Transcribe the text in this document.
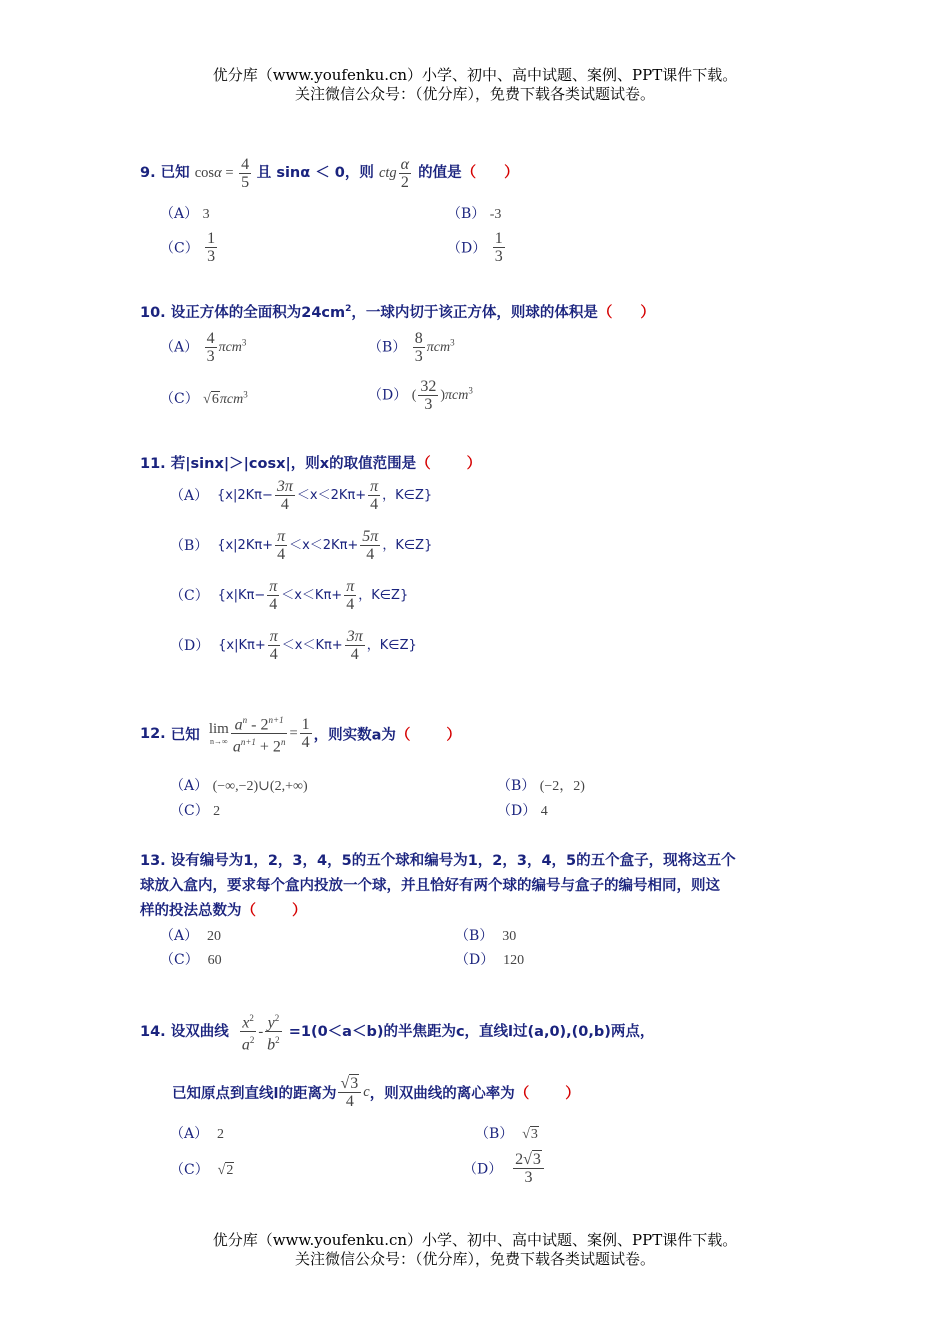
优分库（www.youfenku.cn）小学、初中、高中试题、案例、PPT课件下载。
关注微信公众号：（优分库），免费下载各类试题试卷。
9. 已知 $\cos\alpha = \frac{4}{5}$ 且 sinα ＜ 0，则 ctg $\frac{\alpha}{2}$ 的值是（ ）
（A） 3	（B） -3
$(C) \frac{1}{3}$	$(D) \frac{1}{3}$
10. 设正方体的全面积为$24cm^2$，一球内切于该正方体，则球的体积是（ ）
$(A) \frac{4}{3} \pi cm^3$	$(B) \frac{8}{3} \pi cm^3$
（C） √6πcm$^3$	（D） ( $\frac{32}{3} )\pi cm^3$
11. 若|sinx|＞|cosx|，则x的取值范围是（ ）
（A） {$x|2K\pi- \frac{3\pi}{4} <x<2K\pi+ \frac{\pi}{4}$ ，K∈Z}
（B） {$x|2K\pi+ \frac{\pi}{4} <x<2K\pi+ \frac{5\pi}{4}$ ，K∈Z}
（C） {$x|K\pi- \frac{\pi}{4} <x<K\pi+ \frac{\pi}{4}$ ，K∈Z}
（D） {$x|K\pi+ \frac{\pi}{4} <x<K\pi+ \frac{3\pi}{4}$ ，K∈Z}
12. 已知 lim
$n\to\infty \frac{a^n - 2^{n+1}}{a^{n+1} + 2^n} = \frac{1}{4}$ ，则实数a为（ ）
（A） (−∞,−2)∪(2,+∞)	（B） (−2，2)
（C） 2	（D） 4
13. 设有编号为1，2，3，4，5的五个球和编号为1，2，3，4，5的五个盒子，现将这五个
球放入盒内，要求每个盒内投放一个球，并且恰好有两个球的编号与盒子的编号相同，则这
样的投法总数为（ ）
（A） 20	（B） 30
（C） 60	（D） 120
14. 设双曲线 $\frac{x^2}{a^2} - \frac{y^2}{b^2} =1(0<a<b)$的半焦距为c，直线l过(a,0),(0,b)两点，
已知原点到直线l的距离为 $\frac{√3}{4}$ c，则双曲线的离心率为（ ）
（A） 2	（B） √3
（C） √2	$(D) \frac{2√3}{3}$
优分库（www.youfenku.cn）小学、初中、高中试题、案例、PPT课件下载。
关注微信公众号：（优分库），免费下载各类试题试卷。
